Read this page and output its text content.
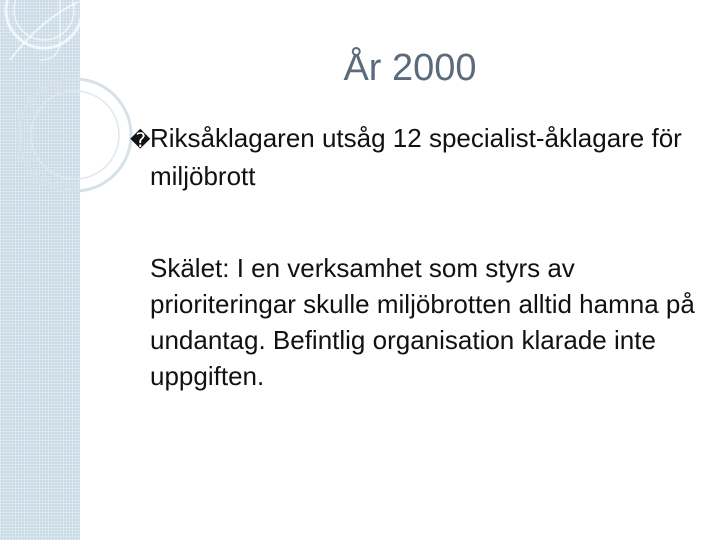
År 2000
�Riksåklagaren utsåg 12 specialist-åklagare för miljöbrott
Skälet: I en verksamhet som styrs av prioriteringar skulle miljöbrotten alltid hamna på undantag. Befintlig organisation klarade inte uppgiften.
